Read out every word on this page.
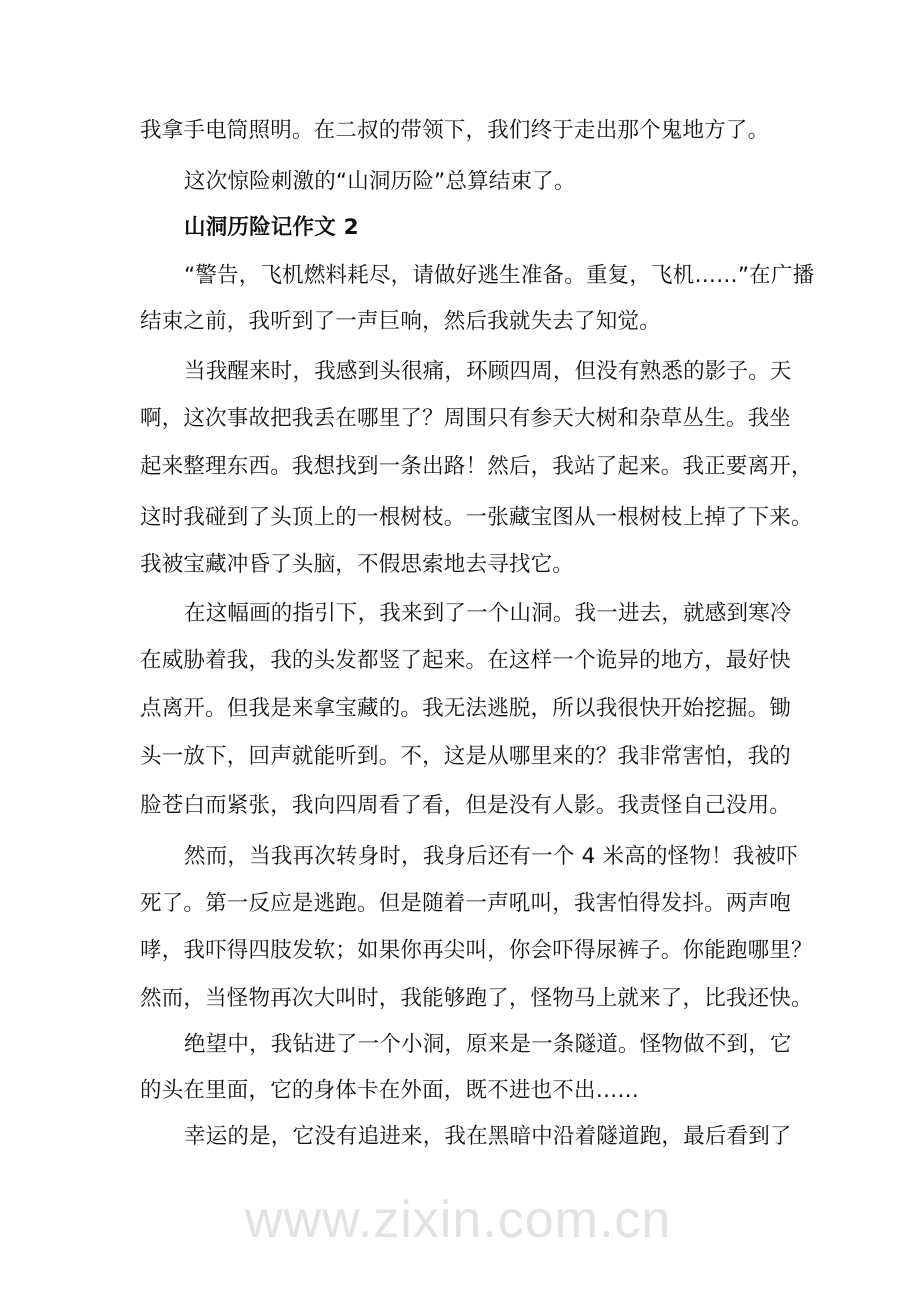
www.zixin.com.cn
我拿手电筒照明。在二叔的带领下，我们终于走出那个鬼地方了。
这次惊险刺激的“山洞历险”总算结束了。
山洞历险记作文 2
“警告，飞机燃料耗尽，请做好逃生准备。重复，飞机……”在广播
结束之前，我听到了一声巨响，然后我就失去了知觉。
当我醒来时，我感到头很痛，环顾四周，但没有熟悉的影子。天
啊，这次事故把我丢在哪里了？周围只有参天大树和杂草丛生。我坐
起来整理东西。我想找到一条出路！然后，我站了起来。我正要离开，
这时我碰到了头顶上的一根树枝。一张藏宝图从一根树枝上掉了下来。
我被宝藏冲昏了头脑，不假思索地去寻找它。
在这幅画的指引下，我来到了一个山洞。我一进去，就感到寒冷
在威胁着我，我的头发都竖了起来。在这样一个诡异的地方，最好快
点离开。但我是来拿宝藏的。我无法逃脱，所以我很快开始挖掘。锄
头一放下，回声就能听到。不，这是从哪里来的？我非常害怕，我的
脸苍白而紧张，我向四周看了看，但是没有人影。我责怪自己没用。
然而，当我再次转身时，我身后还有一个 4 米高的怪物！我被吓
死了。第一反应是逃跑。但是随着一声吼叫，我害怕得发抖。两声咆
哮，我吓得四肢发软；如果你再尖叫，你会吓得尿裤子。你能跑哪里？
然而，当怪物再次大叫时，我能够跑了，怪物马上就来了，比我还快。
绝望中，我钻进了一个小洞，原来是一条隧道。怪物做不到，它
的头在里面，它的身体卡在外面，既不进也不出……
幸运的是，它没有追进来，我在黑暗中沿着隧道跑，最后看到了
